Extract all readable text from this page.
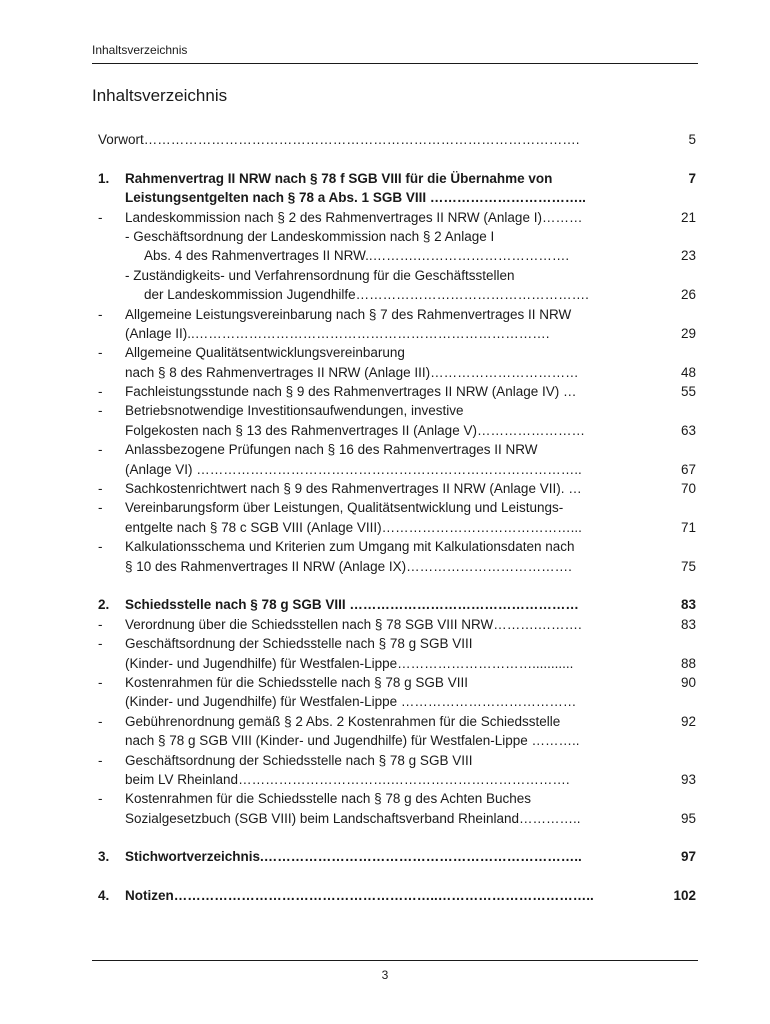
Inhaltsverzeichnis
Inhaltsverzeichnis
Vorwort…………………………………………………………………………………….	5
1. Rahmenvertrag II NRW nach § 78 f SGB VIII für die Übernahme von	7
Leistungsentgelten nach § 78 a Abs. 1 SGB VIII ……………………………..
- Landeskommission nach § 2 des Rahmenvertrages II NRW (Anlage I)………	21
- Geschäftsordnung der Landeskommission nach § 2 Anlage I
Abs. 4 des Rahmenvertrages II NRW..……….…………………………….	23
- Zuständigkeits- und Verfahrensordnung für die Geschäftsstellen
der Landeskommission Jugendhilfe…………………………………………….	26
- Allgemeine Leistungsvereinbarung nach § 7 des Rahmenvertrages II NRW
(Anlage II)..…………………………………………………………………….	29
- Allgemeine Qualitätsentwicklungsvereinbarung
nach § 8 des Rahmenvertrages II NRW (Anlage III)……………………………	48
- Fachleistungsstunde nach § 9 des Rahmenvertrages II NRW (Anlage IV) …	55
- Betriebsnotwendige Investitionsaufwendungen, investive
Folgekosten nach § 13 des Rahmenvertrages II (Anlage V)……………………	63
- Anlassbezogene Prüfungen nach § 16 des Rahmenvertrages II NRW
(Anlage VI) …………………………………………………………………………..	67
- Sachkostenrichtwert nach § 9 des Rahmenvertrages II NRW (Anlage VII). …	70
- Vereinbarungsform über Leistungen, Qualitätsentwicklung und Leistungs-
entgelte nach § 78 c SGB VIII (Anlage VIII)……………………………………...	71
- Kalkulationsschema und Kriterien zum Umgang mit Kalkulationsdaten nach
§ 10 des Rahmenvertrages II NRW (Anlage IX)……………………………….	75
2. Schiedsstelle nach § 78 g SGB VIII ……………………………………………	83
- Verordnung über die Schiedsstellen nach § 78 SGB VIII NRW……….……….	83
- Geschäftsordnung der Schiedsstelle nach § 78 g SGB VIII
(Kinder- und Jugendhilfe) für Westfalen-Lippe…………………………...........	88
- Kostenrahmen für die Schiedsstelle nach § 78 g SGB VIII	90
(Kinder- und Jugendhilfe) für Westfalen-Lippe …………………………………
- Gebührenordnung gemäß § 2 Abs. 2 Kostenrahmen für die Schiedsstelle	92
nach § 78 g SGB VIII (Kinder- und Jugendhilfe) für Westfalen-Lippe ………..
- Geschäftsordnung der Schiedsstelle nach § 78 g SGB VIII
beim LV Rheinland…………………………….………………………………….	93
- Kostenrahmen für die Schiedsstelle nach § 78 g des Achten Buches
Sozialgesetzbuch (SGB VIII) beim Landschaftsverband Rheinland…………..	95
3. Stichwortverzeichnis.……………………………………………………………..	97
4. Notizen…………………………………………………..……………………………..	102
3
